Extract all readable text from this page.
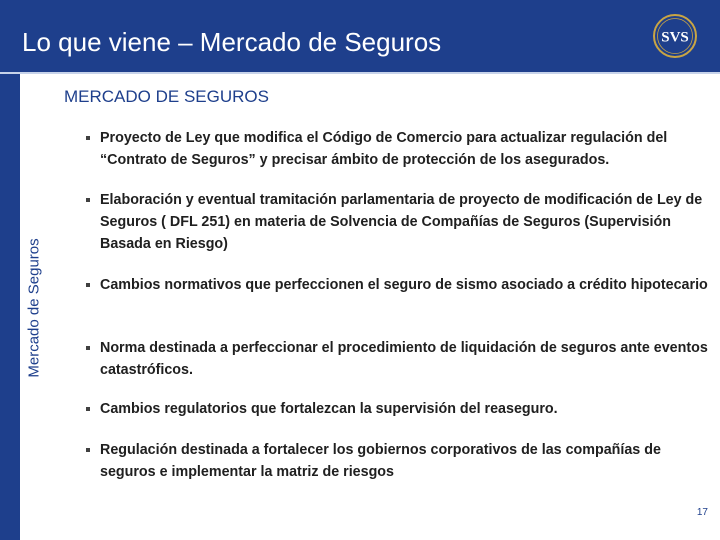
Lo que viene – Mercado de Seguros	SVS
Mercado de Seguros
MERCADO DE SEGUROS
Proyecto de Ley que modifica el Código de Comercio para actualizar regulación del “Contrato de Seguros” y precisar ámbito de protección de los asegurados.
Elaboración y eventual tramitación parlamentaria de proyecto de modificación de Ley de Seguros ( DFL 251) en materia de Solvencia de Compañías de Seguros (Supervisión Basada en Riesgo)
Cambios normativos que perfeccionen el seguro de sismo asociado a crédito hipotecario
Norma destinada a perfeccionar el procedimiento de liquidación de seguros ante eventos catastróficos.
Cambios regulatorios que fortalezcan la supervisión del reaseguro.
Regulación destinada a fortalecer los gobiernos corporativos de las compañías de seguros e implementar la matriz de riesgos
17
